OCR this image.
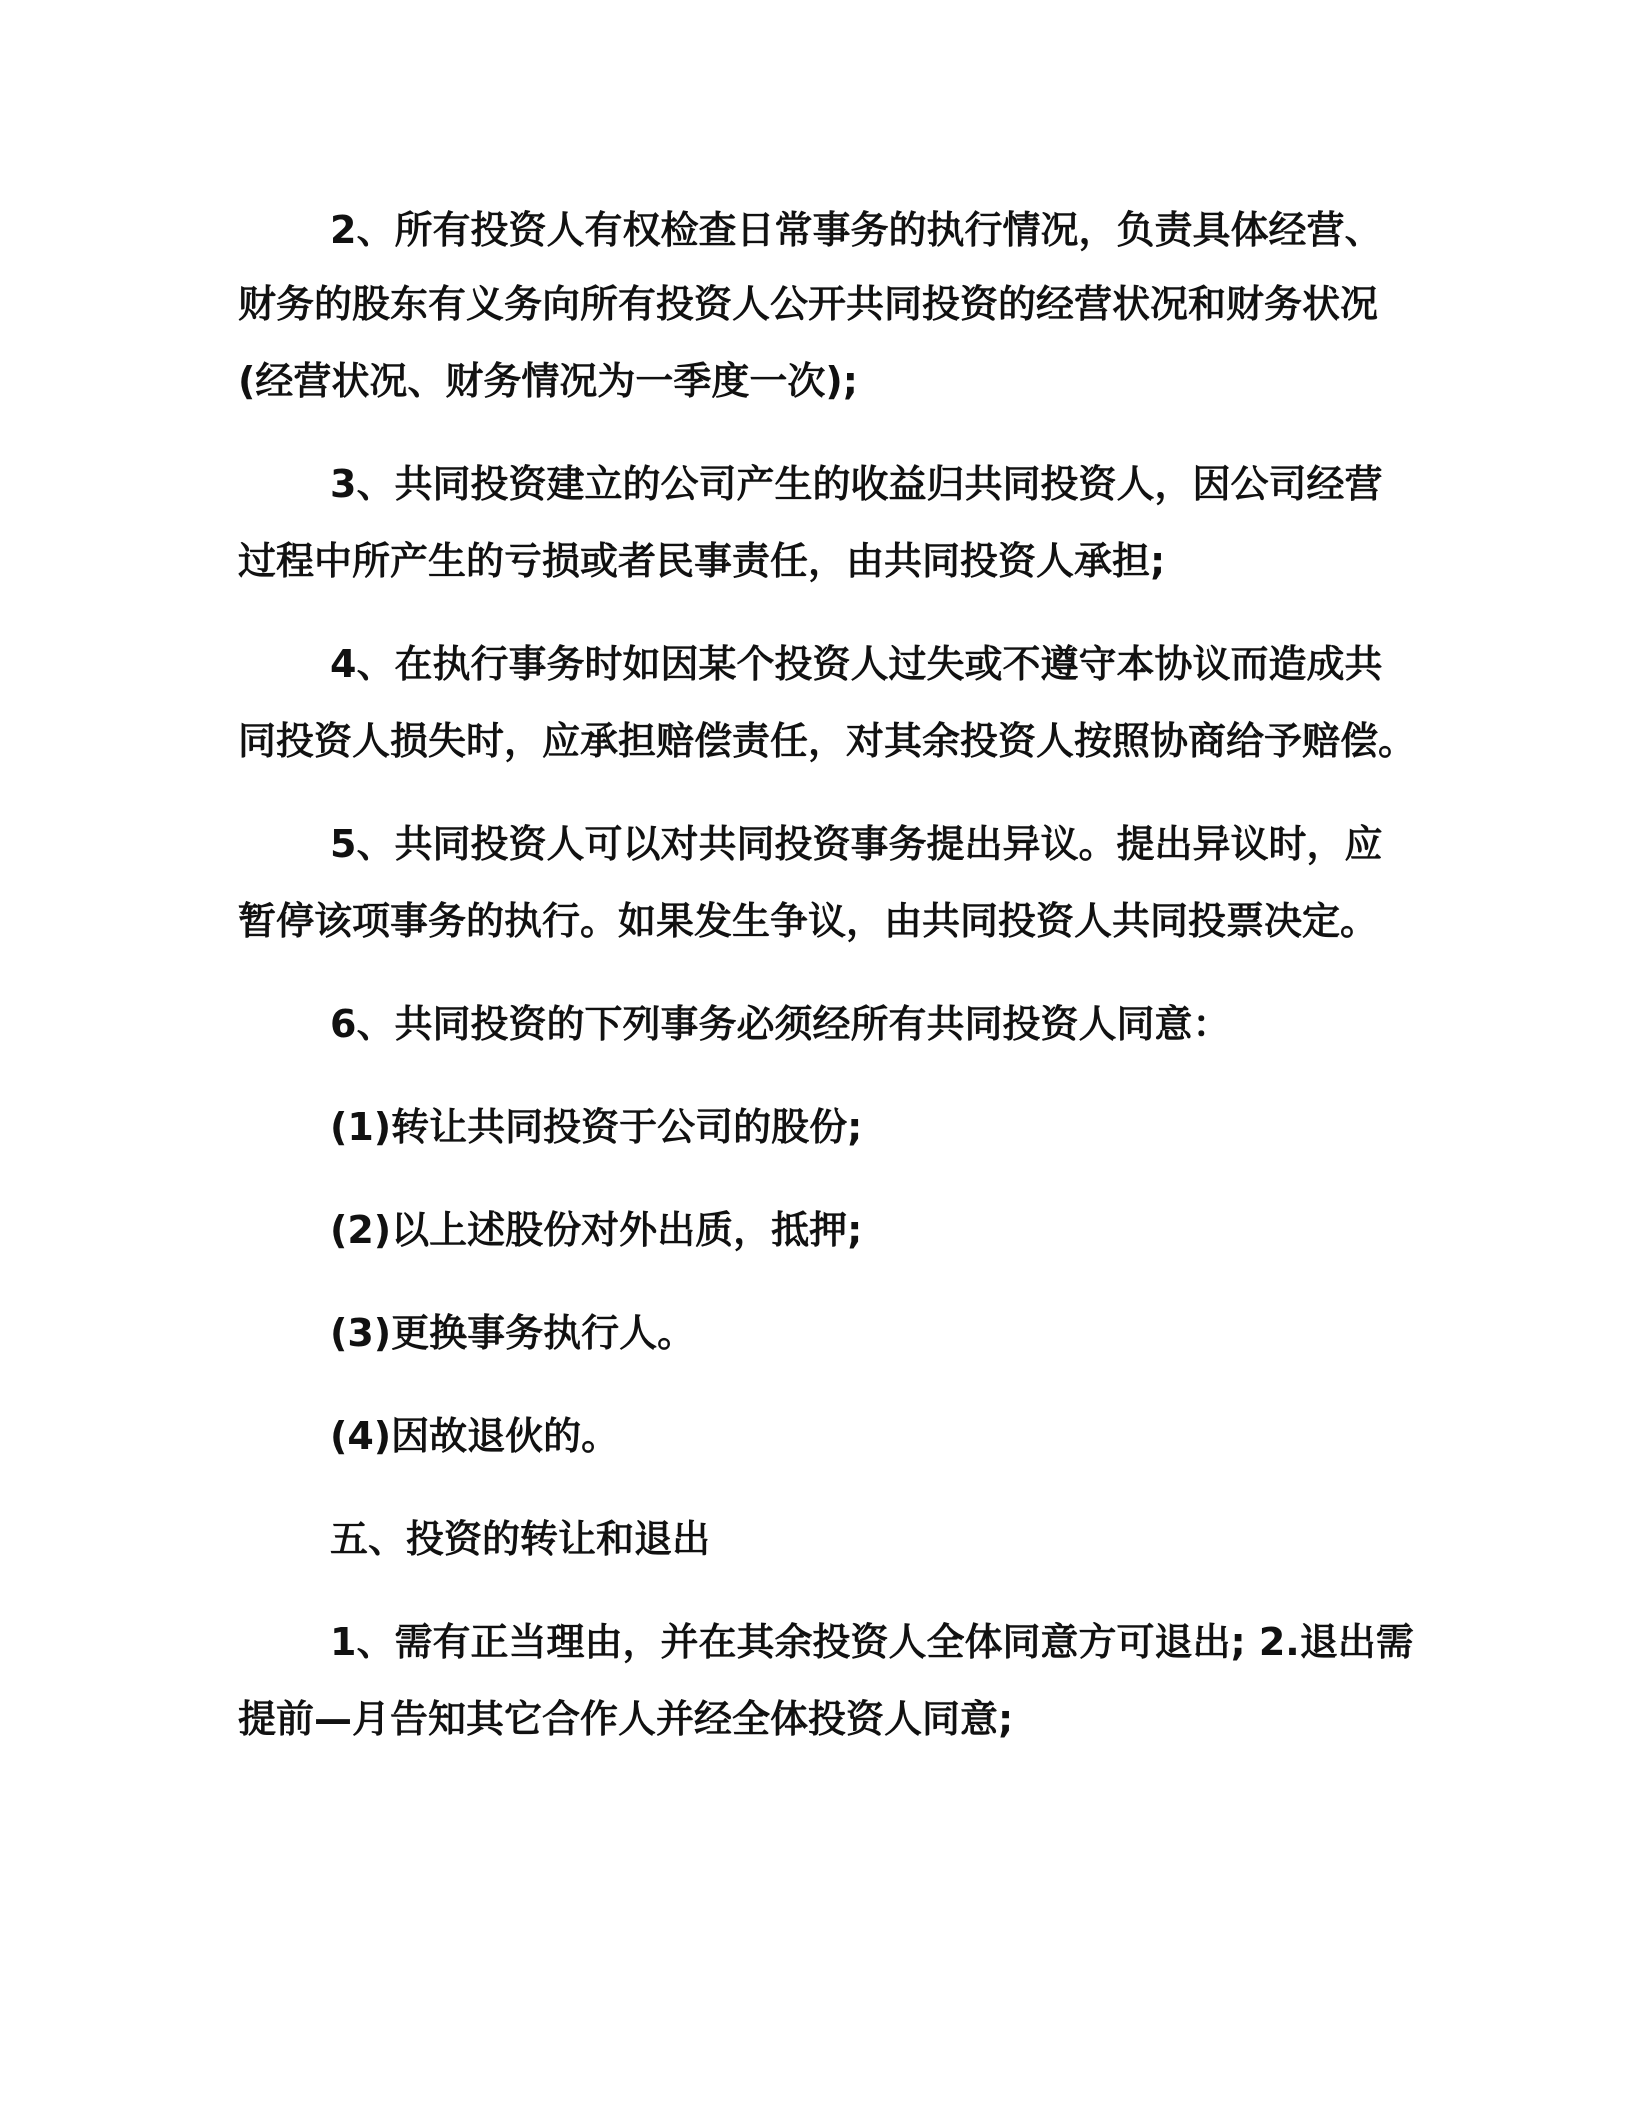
2、所有投资人有权检查日常事务的执行情况，负责具体经营、

财务的股东有义务向所有投资人公开共同投资的经营状况和财务状况

(经营状况、财务情况为一季度一次);

3、共同投资建立的公司产生的收益归共同投资人，因公司经营

过程中所产生的亏损或者民事责任，由共同投资人承担;

4、在执行事务时如因某个投资人过失或不遵守本协议而造成共

同投资人损失时，应承担赔偿责任，对其余投资人按照协商给予赔偿。

5、共同投资人可以对共同投资事务提出异议。提出异议时，应

暂停该项事务的执行。如果发生争议，由共同投资人共同投票决定。

6、共同投资的下列事务必须经所有共同投资人同意：

(1)转让共同投资于公司的股份;

(2)以上述股份对外出质，抵押;

(3)更换事务执行人。

(4)因故退伙的。

五、投资的转让和退出

1、需有正当理由，并在其余投资人全体同意方可退出; 2.退出需

提前—月告知其它合作人并经全体投资人同意;
